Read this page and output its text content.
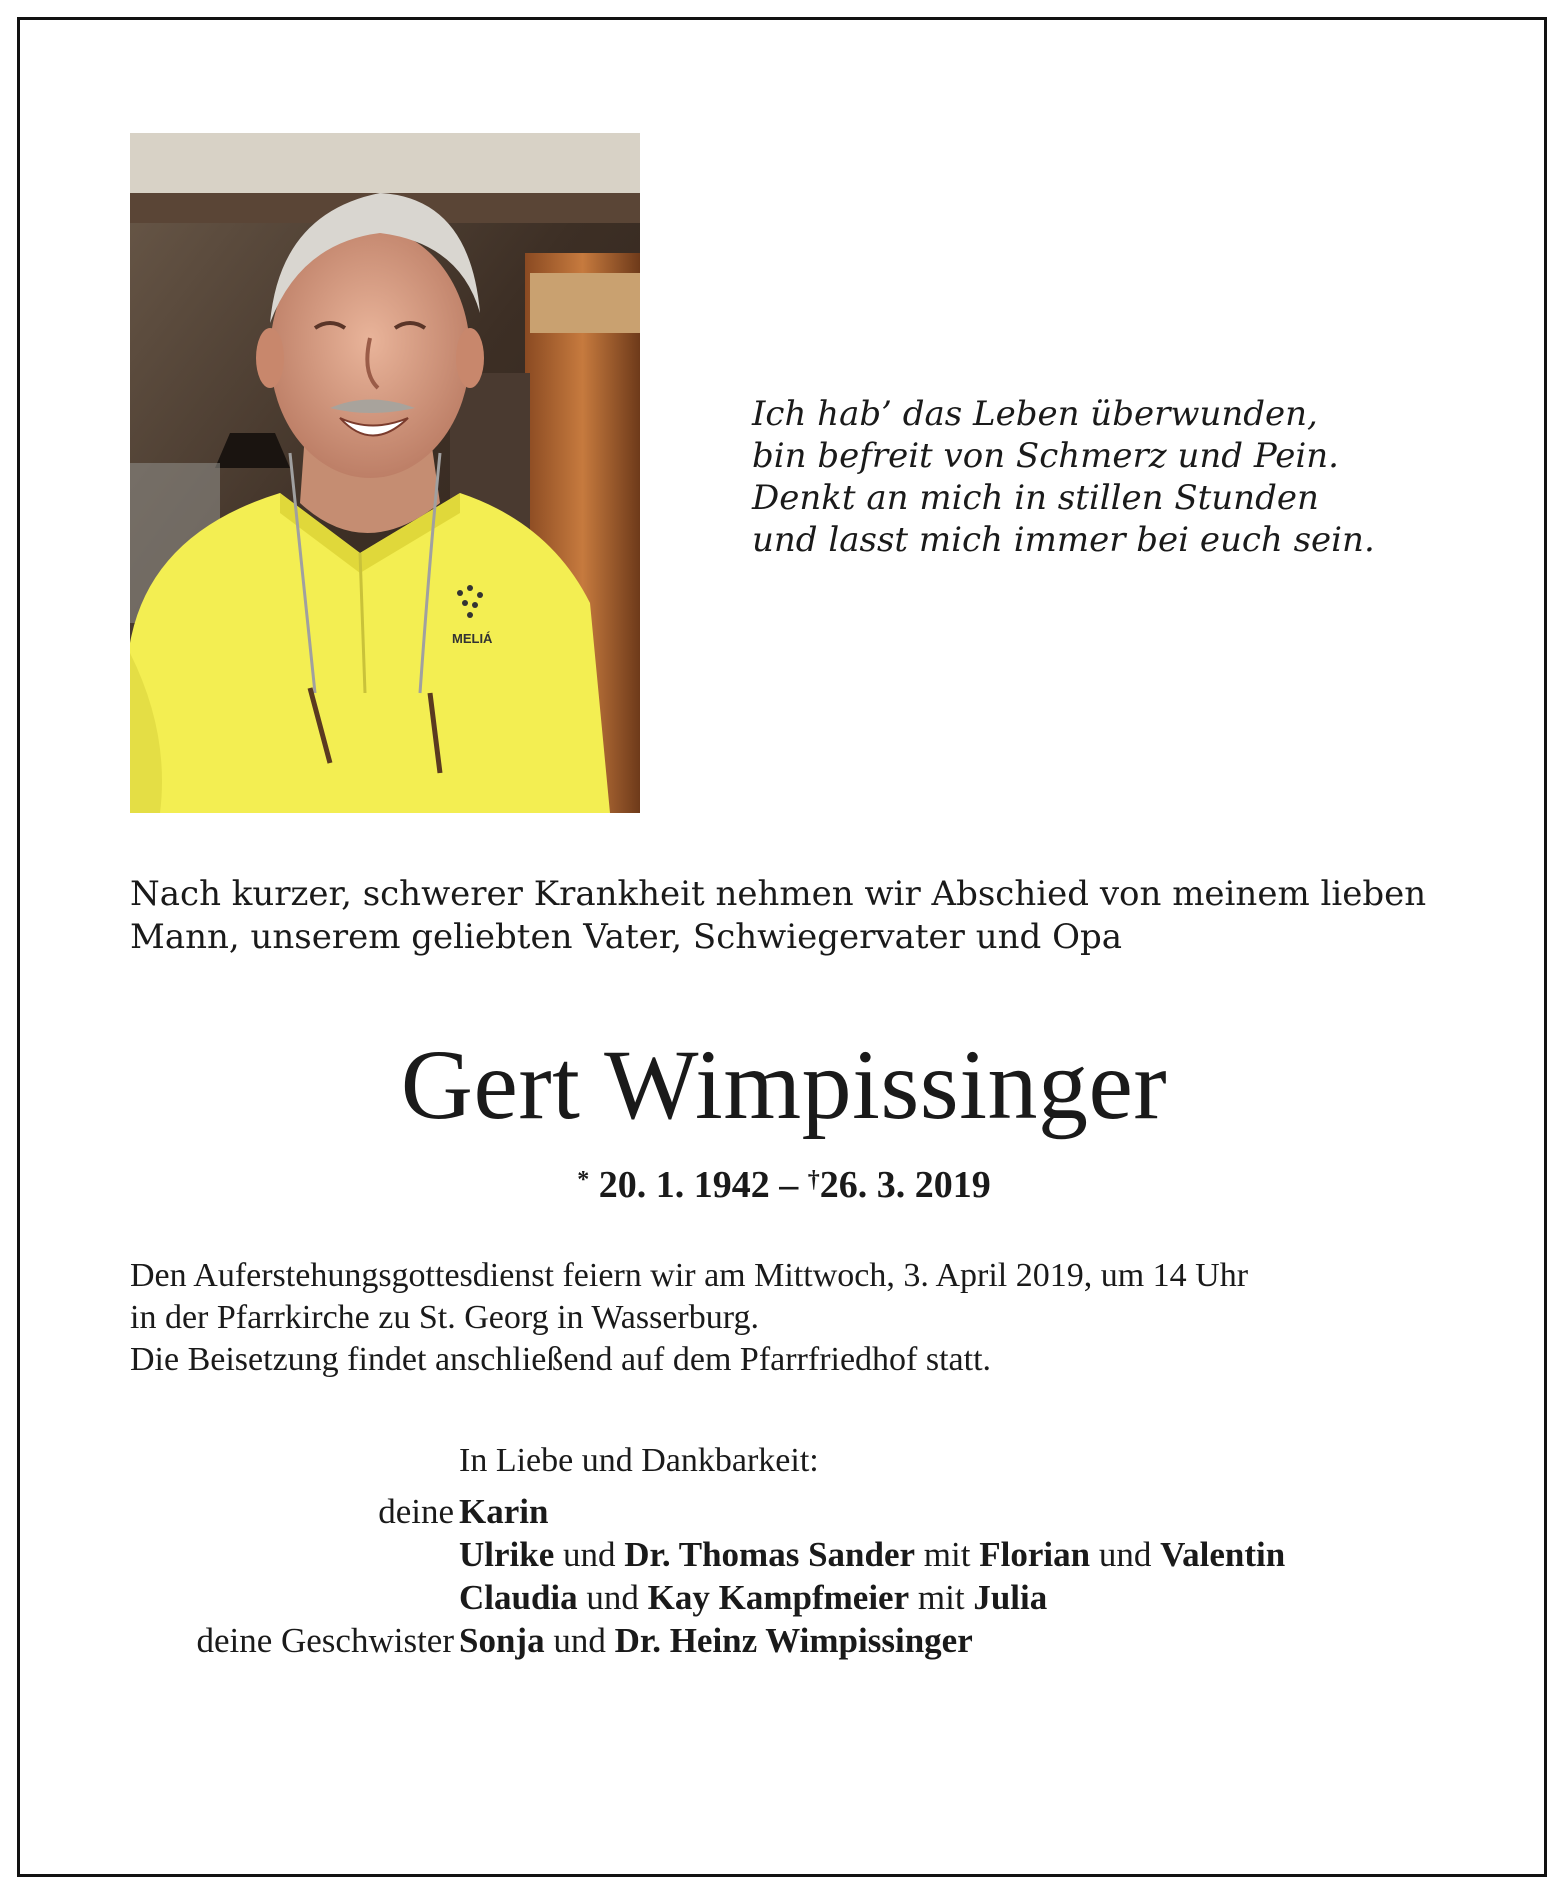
MELIÁ
Ich hab’ das Leben überwunden,
bin befreit von Schmerz und Pein.
Denkt an mich in stillen Stunden
und lasst mich immer bei euch sein.
Nach kurzer, schwerer Krankheit nehmen wir Abschied von meinem lieben
Mann, unserem geliebten Vater, Schwiegervater und Opa
Gert Wimpissinger
* 20. 1. 1942 – †26. 3. 2019
Den Auferstehungsgottesdienst feiern wir am Mittwoch, 3. April 2019, um 14 Uhr
in der Pfarrkirche zu St. Georg in Wasserburg.
Die Beisetzung findet anschließend auf dem Pfarrfriedhof statt.
In Liebe und Dankbarkeit:
deine Karin
Ulrike und Dr. Thomas Sander mit Florian und Valentin
Claudia und Kay Kampfmeier mit Julia
deine Geschwister Sonja und Dr. Heinz Wimpissinger
